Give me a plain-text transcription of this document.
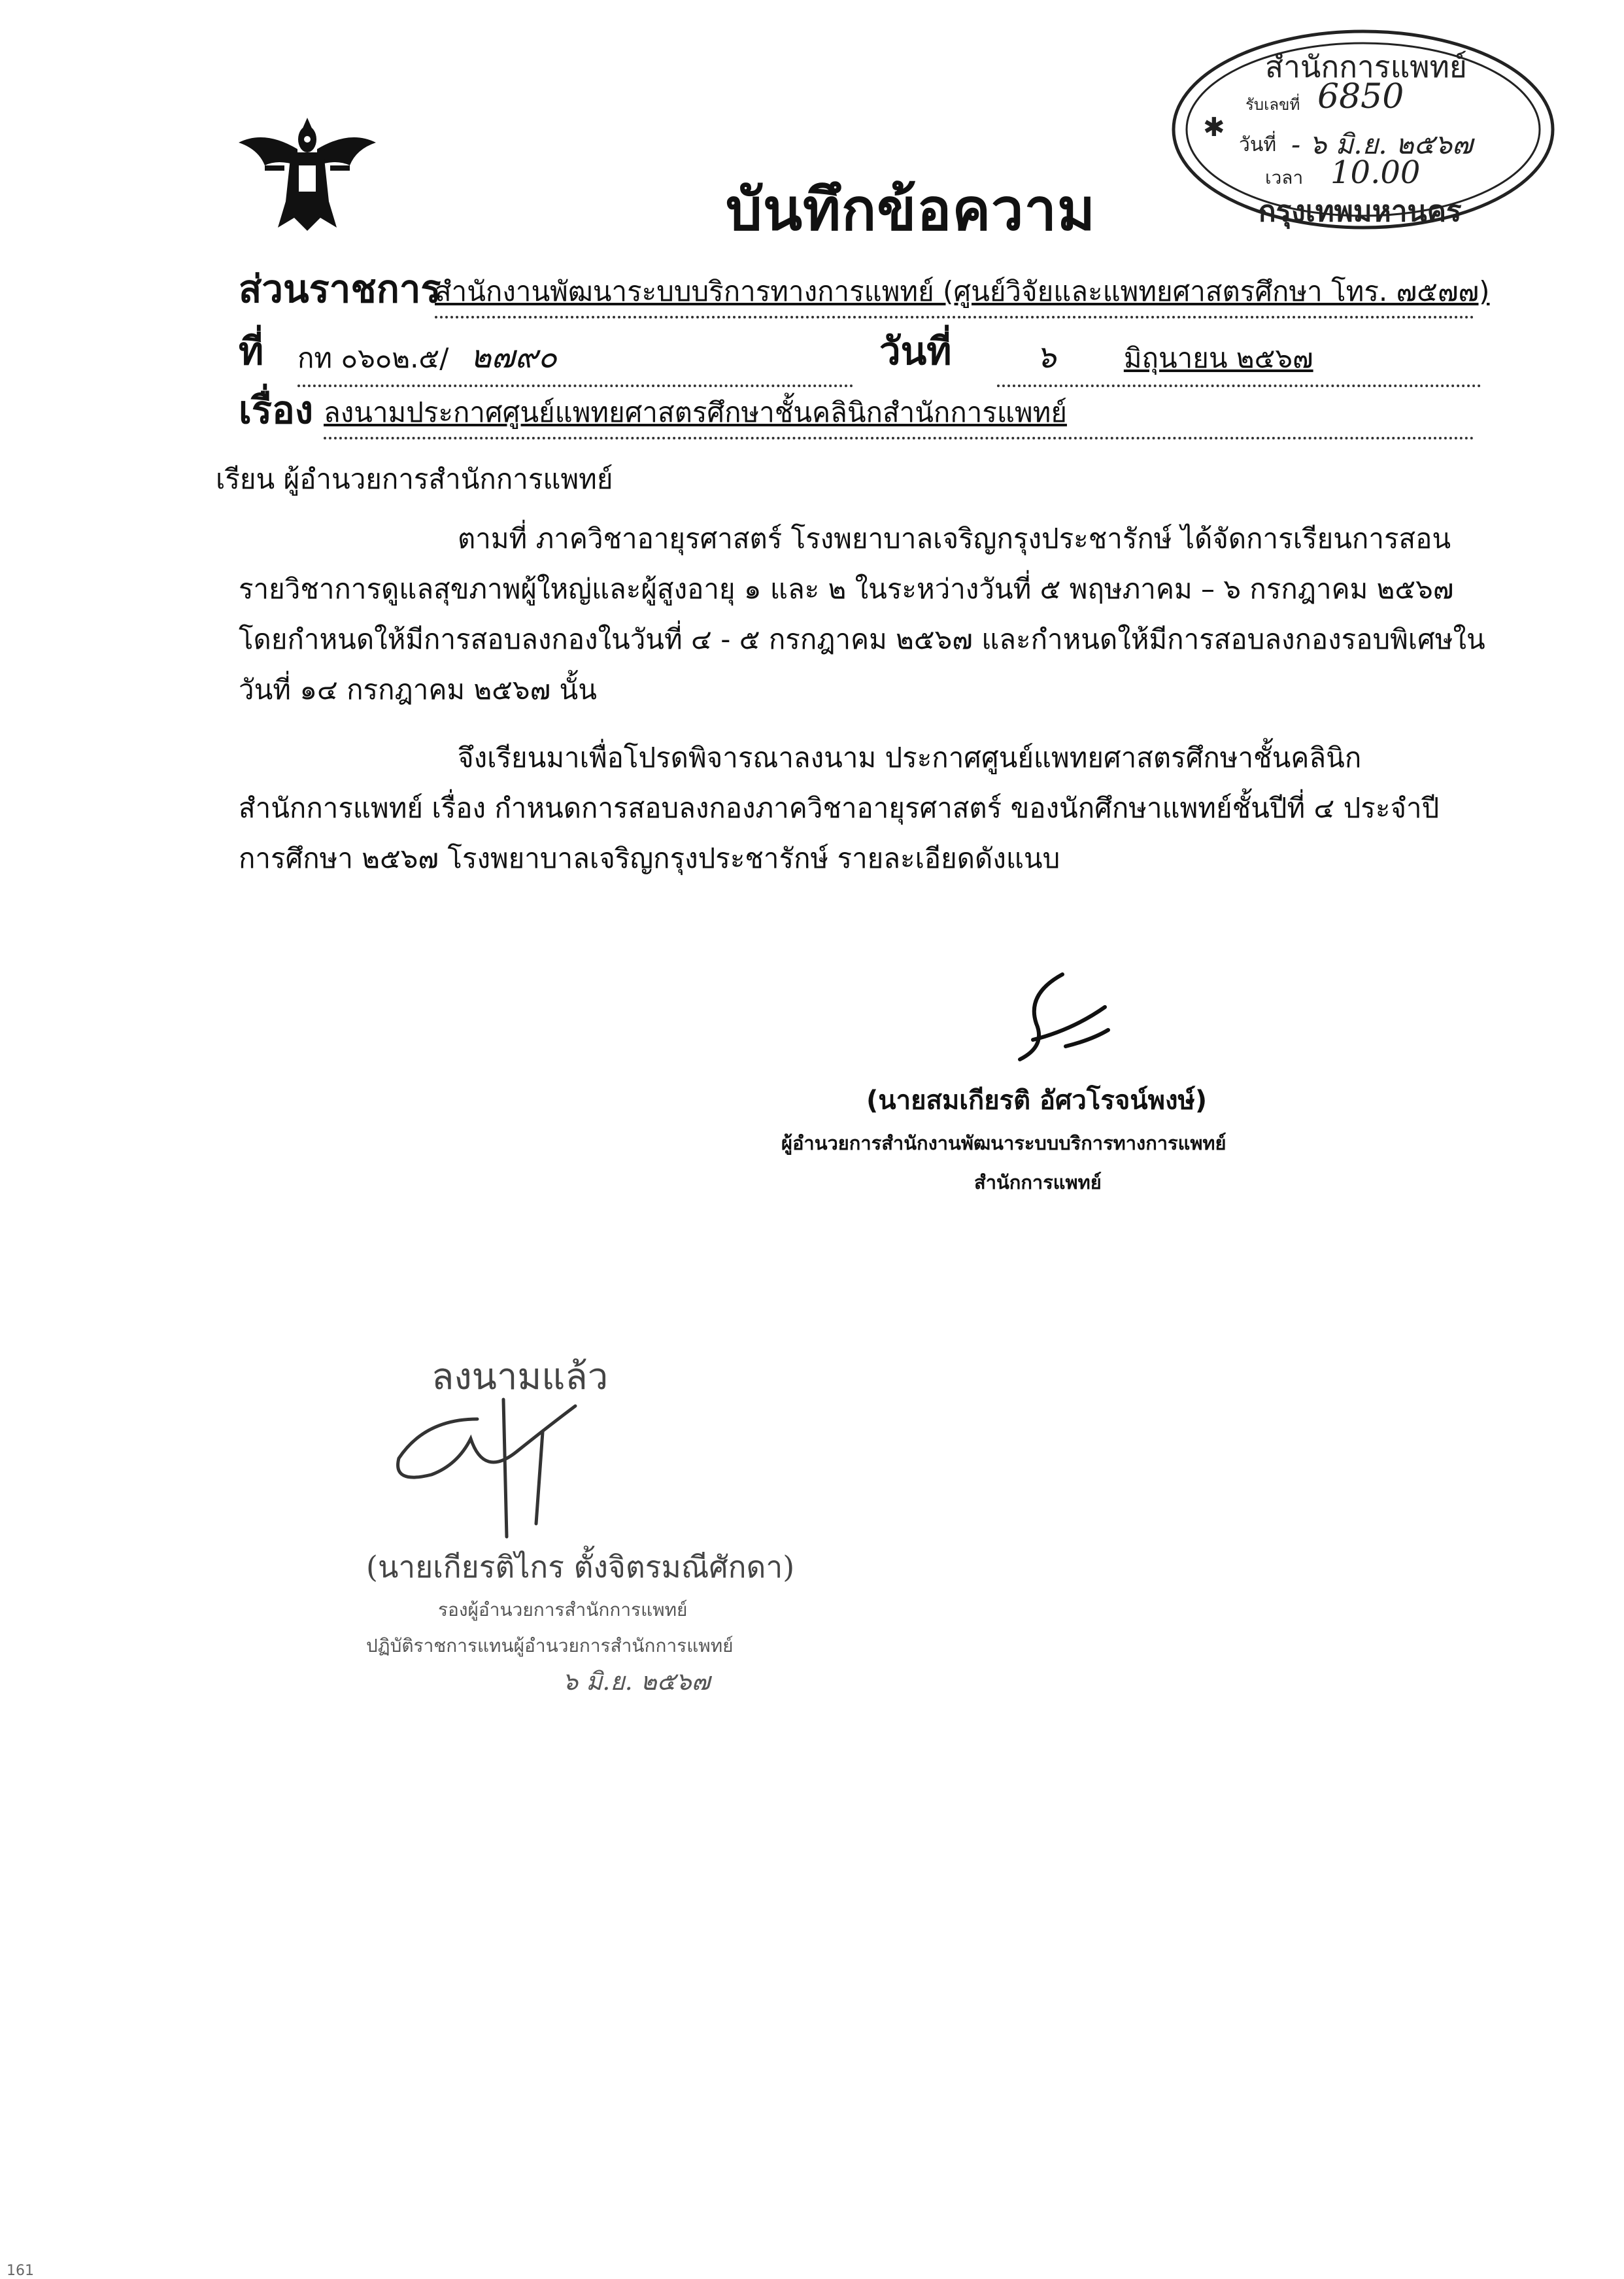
บันทึกข้อความ
✱
สำนักการแพทย์
รับเลขที่ 6850
วันที่ - ๖ มิ.ย. ๒๕๖๗
เวลา 10.00
กรุงเทพมหานคร
ส่วนราชการ
สำนักงานพัฒนาระบบบริการทางการแพทย์ (ศูนย์วิจัยและแพทยศาสตรศึกษา โทร. ๗๕๗๗)
ที่ กท ๐๖๐๒.๕/ ๒๗๙๐	วันที่	๖ มิถุนายน ๒๕๖๗
เรื่อง ลงนามประกาศศูนย์แพทยศาสตรศึกษาชั้นคลินิกสำนักการแพทย์
เรียน ผู้อำนวยการสำนักการแพทย์

ตามที่ ภาควิชาอายุรศาสตร์ โรงพยาบาลเจริญกรุงประชารักษ์ ได้จัดการเรียนการสอน

รายวิชาการดูแลสุขภาพผู้ใหญ่และผู้สูงอายุ ๑ และ ๒ ในระหว่างวันที่ ๕ พฤษภาคม – ๖ กรกฎาคม ๒๕๖๗

โดยกำหนดให้มีการสอบลงกองในวันที่ ๔ - ๕ กรกฎาคม ๒๕๖๗ และกำหนดให้มีการสอบลงกองรอบพิเศษใน

วันที่ ๑๔ กรกฎาคม ๒๕๖๗ นั้น

จึงเรียนมาเพื่อโปรดพิจารณาลงนาม ประกาศศูนย์แพทยศาสตรศึกษาชั้นคลินิก

สำนักการแพทย์ เรื่อง กำหนดการสอบลงกองภาควิชาอายุรศาสตร์ ของนักศึกษาแพทย์ชั้นปีที่ ๔ ประจำปี

การศึกษา ๒๕๖๗ โรงพยาบาลเจริญกรุงประชารักษ์ รายละเอียดดังแนบ

(นายสมเกียรติ อัศวโรจน์พงษ์)
ผู้อำนวยการสำนักงานพัฒนาระบบบริการทางการแพทย์
สำนักการแพทย์
ลงนามแล้ว
(นายเกียรติไกร ตั้งจิตรมณีศักดา)
รองผู้อำนวยการสำนักการแพทย์
ปฏิบัติราชการแทนผู้อำนวยการสำนักการแพทย์
๖ มิ.ย. ๒๕๖๗
161
